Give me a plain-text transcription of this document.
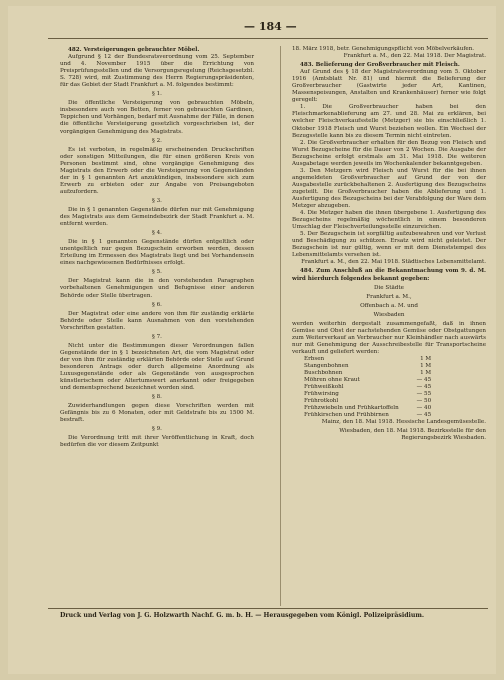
— 184 —

482. Versteigerungen gebrauchter Möbel.

Aufgrund § 12 der Bundesratsverordnung vom 25. September und 4. November 1915 über die Errichtung von Preisprüfungsstellen und die Versorgungsregelung (Reichsgesetzbl. S. 728) wird, mit Zustimmung des Herrn Regierungspräsidenten, für das Gebiet der Stadt Frankfurt a. M. folgendes bestimmt:

§ 1.

Die öffentliche Versteigerung von gebrauchten Möbeln, insbesondere auch von Betten, ferner von gebrauchten Gardinen, Teppichen und Vorhängen, bedarf mit Ausnahme der Fälle, in denen die öffentliche Versteigerung gesetzlich vorgeschrieben ist, der vorgängigen Genehmigung des Magistrats.

§ 2.

Es ist verboten, in regelmäßig erscheinenden Druckschriften oder sonstigen Mitteilungen, die für einen größeren Kreis von Personen bestimmt sind, ohne vorgängige Genehmigung des Magistrats den Erwerb oder die Versteigerung von Gegenständen der in § 1 genannten Art anzukündigen, insbesondere sich zum Erwerb zu erbieten oder zur Angabe von Preisangeboten aufzufordern.

§ 3.

Die in § 1 genannten Gegenstände dürfen nur mit Genehmigung des Magistrats aus dem Gemeindebezirk der Stadt Frankfurt a. M. entfernt werden.

§ 4.

Die in § 1 genannten Gegenstände dürfen entgeltlich oder unentgeltlich nur gegen Bezugschein erworben werden, dessen Erteilung im Ermessen des Magistrats liegt und bei Vorhandensein eines nachgewiesenen Bedürfnisses erfolgt.

§ 5.

Der Magistrat kann die in den vorstehenden Paragraphen vorbehaltenen Genehmigungen und Befugnisse einer anderen Behörde oder Stelle übertragen.

§ 6.

Der Magistrat oder eine andere von ihm für zuständig erklärte Behörde oder Stelle kann Ausnahmen von den vorstehenden Vorschriften gestatten.

§ 7.

Nicht unter die Bestimmungen dieser Verordnungen fallen Gegenstände der in § 1 bezeichneten Art, die vom Magistrat oder der von ihm für zuständig erklärten Behörde oder Stelle auf Grund besonderen Antrags oder durch allgemeine Anordnung als Luxusgegenstände oder als Gegenstände von ausgesprochen künstlerischem oder Altertumswert anerkannt oder freigegeben und dementsprechend bezeichnet worden sind.

§ 8.

Zuwiderhandlungen gegen diese Vorschriften werden mit Gefängnis bis zu 6 Monaten, oder mit Geldstrafe bis zu 1500 M. bestraft.

§ 9.

Die Verordnung tritt mit ihrer Veröffentlichung in Kraft, doch bedürfen die vor diesem Zeitpunkt

18. März 1918, betr. Genehmigungspflicht von Möbelverkäufen.

Frankfurt a. M., den 22. Mai 1918. Der Magistrat.

483. Belieferung der Großverbraucher mit Fleisch.

Auf Grund des § 18 der Magistratsverordnung vom 5. Oktober 1916 (Amtsblatt Nr. 81) und hiermit die Belieferung der Großverbraucher (Gastwirte jeder Art, Kantinen, Massenspeisungen, Anstalten und Krankenhäuser) ferner wie folgt geregelt:

1. Die Großverbraucher haben bei den Fleischmarkenablieferung am 27. und 28. Mai zu erklären, bei welcher Fleischverkaufsstelle (Metzger) sie bis einschließlich 1. Oktober 1918 Fleisch und Wurst beziehen wollen. Ein Wechsel der Bezugsstelle kann bis zu diesem Termin nicht eintreten.

2. Die Großverbraucher erhalten für den Bezug von Fleisch und Wurst Bezugscheine für die Dauer von 2 Wochen. Die Ausgabe der Bezugscheine erfolgt erstmals am 31. Mai 1918. Die weiteren Ausgabetage werden jeweils im Wochenkalender bekanntgegeben.

3. Den Metzgern wird Fleisch und Wurst für die bei ihnen angemeldeten Großverbraucher auf Grund der von der Ausgabestelle zurückbehaltenen 2. Ausfertigung des Bezugscheins zugeteilt. Die Großverbraucher haben die Ablieferung und 1. Ausfertigung des Bezugscheins bei der Verabfolgung der Ware dem Metzger abzugeben.

4. Die Metzger haben die ihnen übergebene 1. Ausfertigung des Bezugscheins regelmäßig wöchentlich in einem besonderen Umschlag der Fleischverteilungsstelle einzureichen.

5. Der Bezugschein ist sorgfältig aufzubewahren und vor Verlust und Beschädigung zu schützen. Ersatz wird nicht geleistet. Der Bezugschein ist nur gültig, wenn er mit dem Dienststempel des Lebensmittelamts versehen ist.

Frankfurt a. M., den 22. Mai 1918. Städtisches Lebensmittelamt.

484. Zum Anschluß an die Bekanntmachung vom 9. d. M. wird hierdurch folgendes bekannt gegeben:

Die Städte

Frankfurt a. M.,

Offenbach a. M. und

Wiesbaden

werden weiterhin dergestalt zusammengefaßt, daß in ihnen Gemüse und Obst der nachstehenden Gemüse oder Obstgattungen zum Weiterverkauf an Verbraucher nur Kleinhändler nach auswärts nur mit Genehmigung der Ausschreibestelle für Transportscheine verkauft und geliefert werden:

Erbsen	1 M
Stangenbohnen	1 M
Buschbohnen	1 M
Möhren ohne Kraut	— 45
Frühweißkohl	— 45
Frühwirsing	— 55
Frührotkohl	— 50
Frühzwiebeln und Frühkartoffeln	— 40
Frühkirschen und Frühbirnen	— 45

Mainz, den 18. Mai 1918. Hessische Landesgemüsestelle.

Wiesbaden, den 18. Mai 1918. Bezirksstelle für den Regierungsbezirk Wiesbaden.

Druck und Verlag von J. G. Holzwarth Nachf. G. m. b. H. — Herausgegeben vom Königl. Polizeipräsidium.
